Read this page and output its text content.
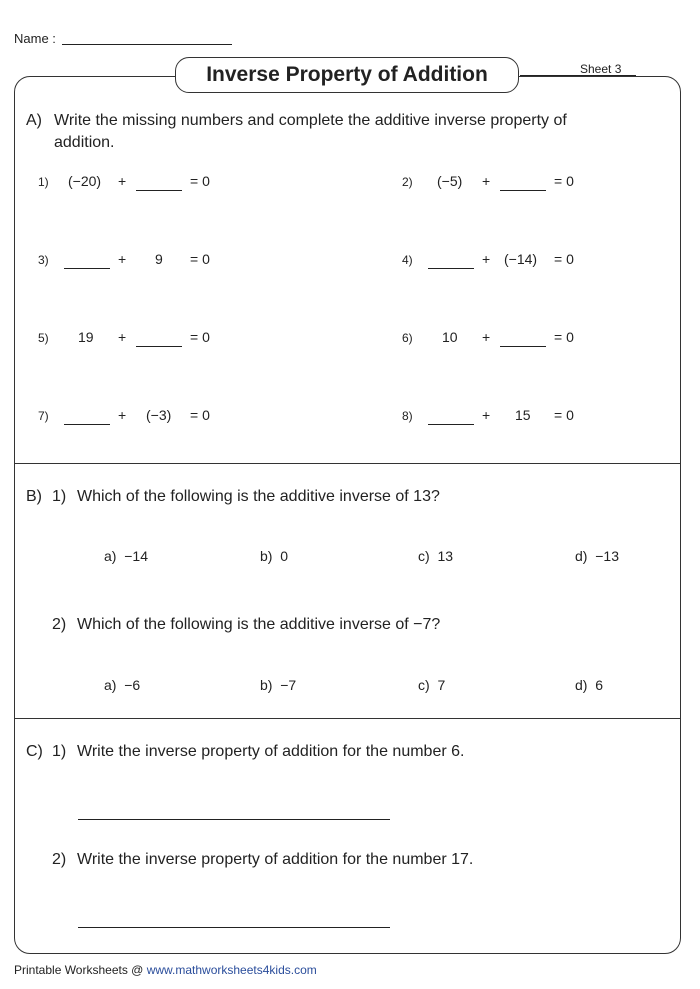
Name :
Sheet 3
Inverse Property of Addition
A) Write the missing numbers and complete the additive inverse property of
addition.
1) (−20) +	= 0	2) (−5) +	= 0
3)	+ 9 = 0	4)	+ (−14) = 0
5) 19 +	= 0	6) 10 +	= 0
7)	+ (−3) = 0	8)	+ 15 = 0
B) 1) Which of the following is the additive inverse of 13?
a) −14	b) 0	c) 13	d) −13
2) Which of the following is the additive inverse of −7?
a) −6	b) −7	c) 7	d) 6
C) 1) Write the inverse property of addition for the number 6.
2) Write the inverse property of addition for the number 17.
Printable Worksheets @ www.mathworksheets4kids.com
